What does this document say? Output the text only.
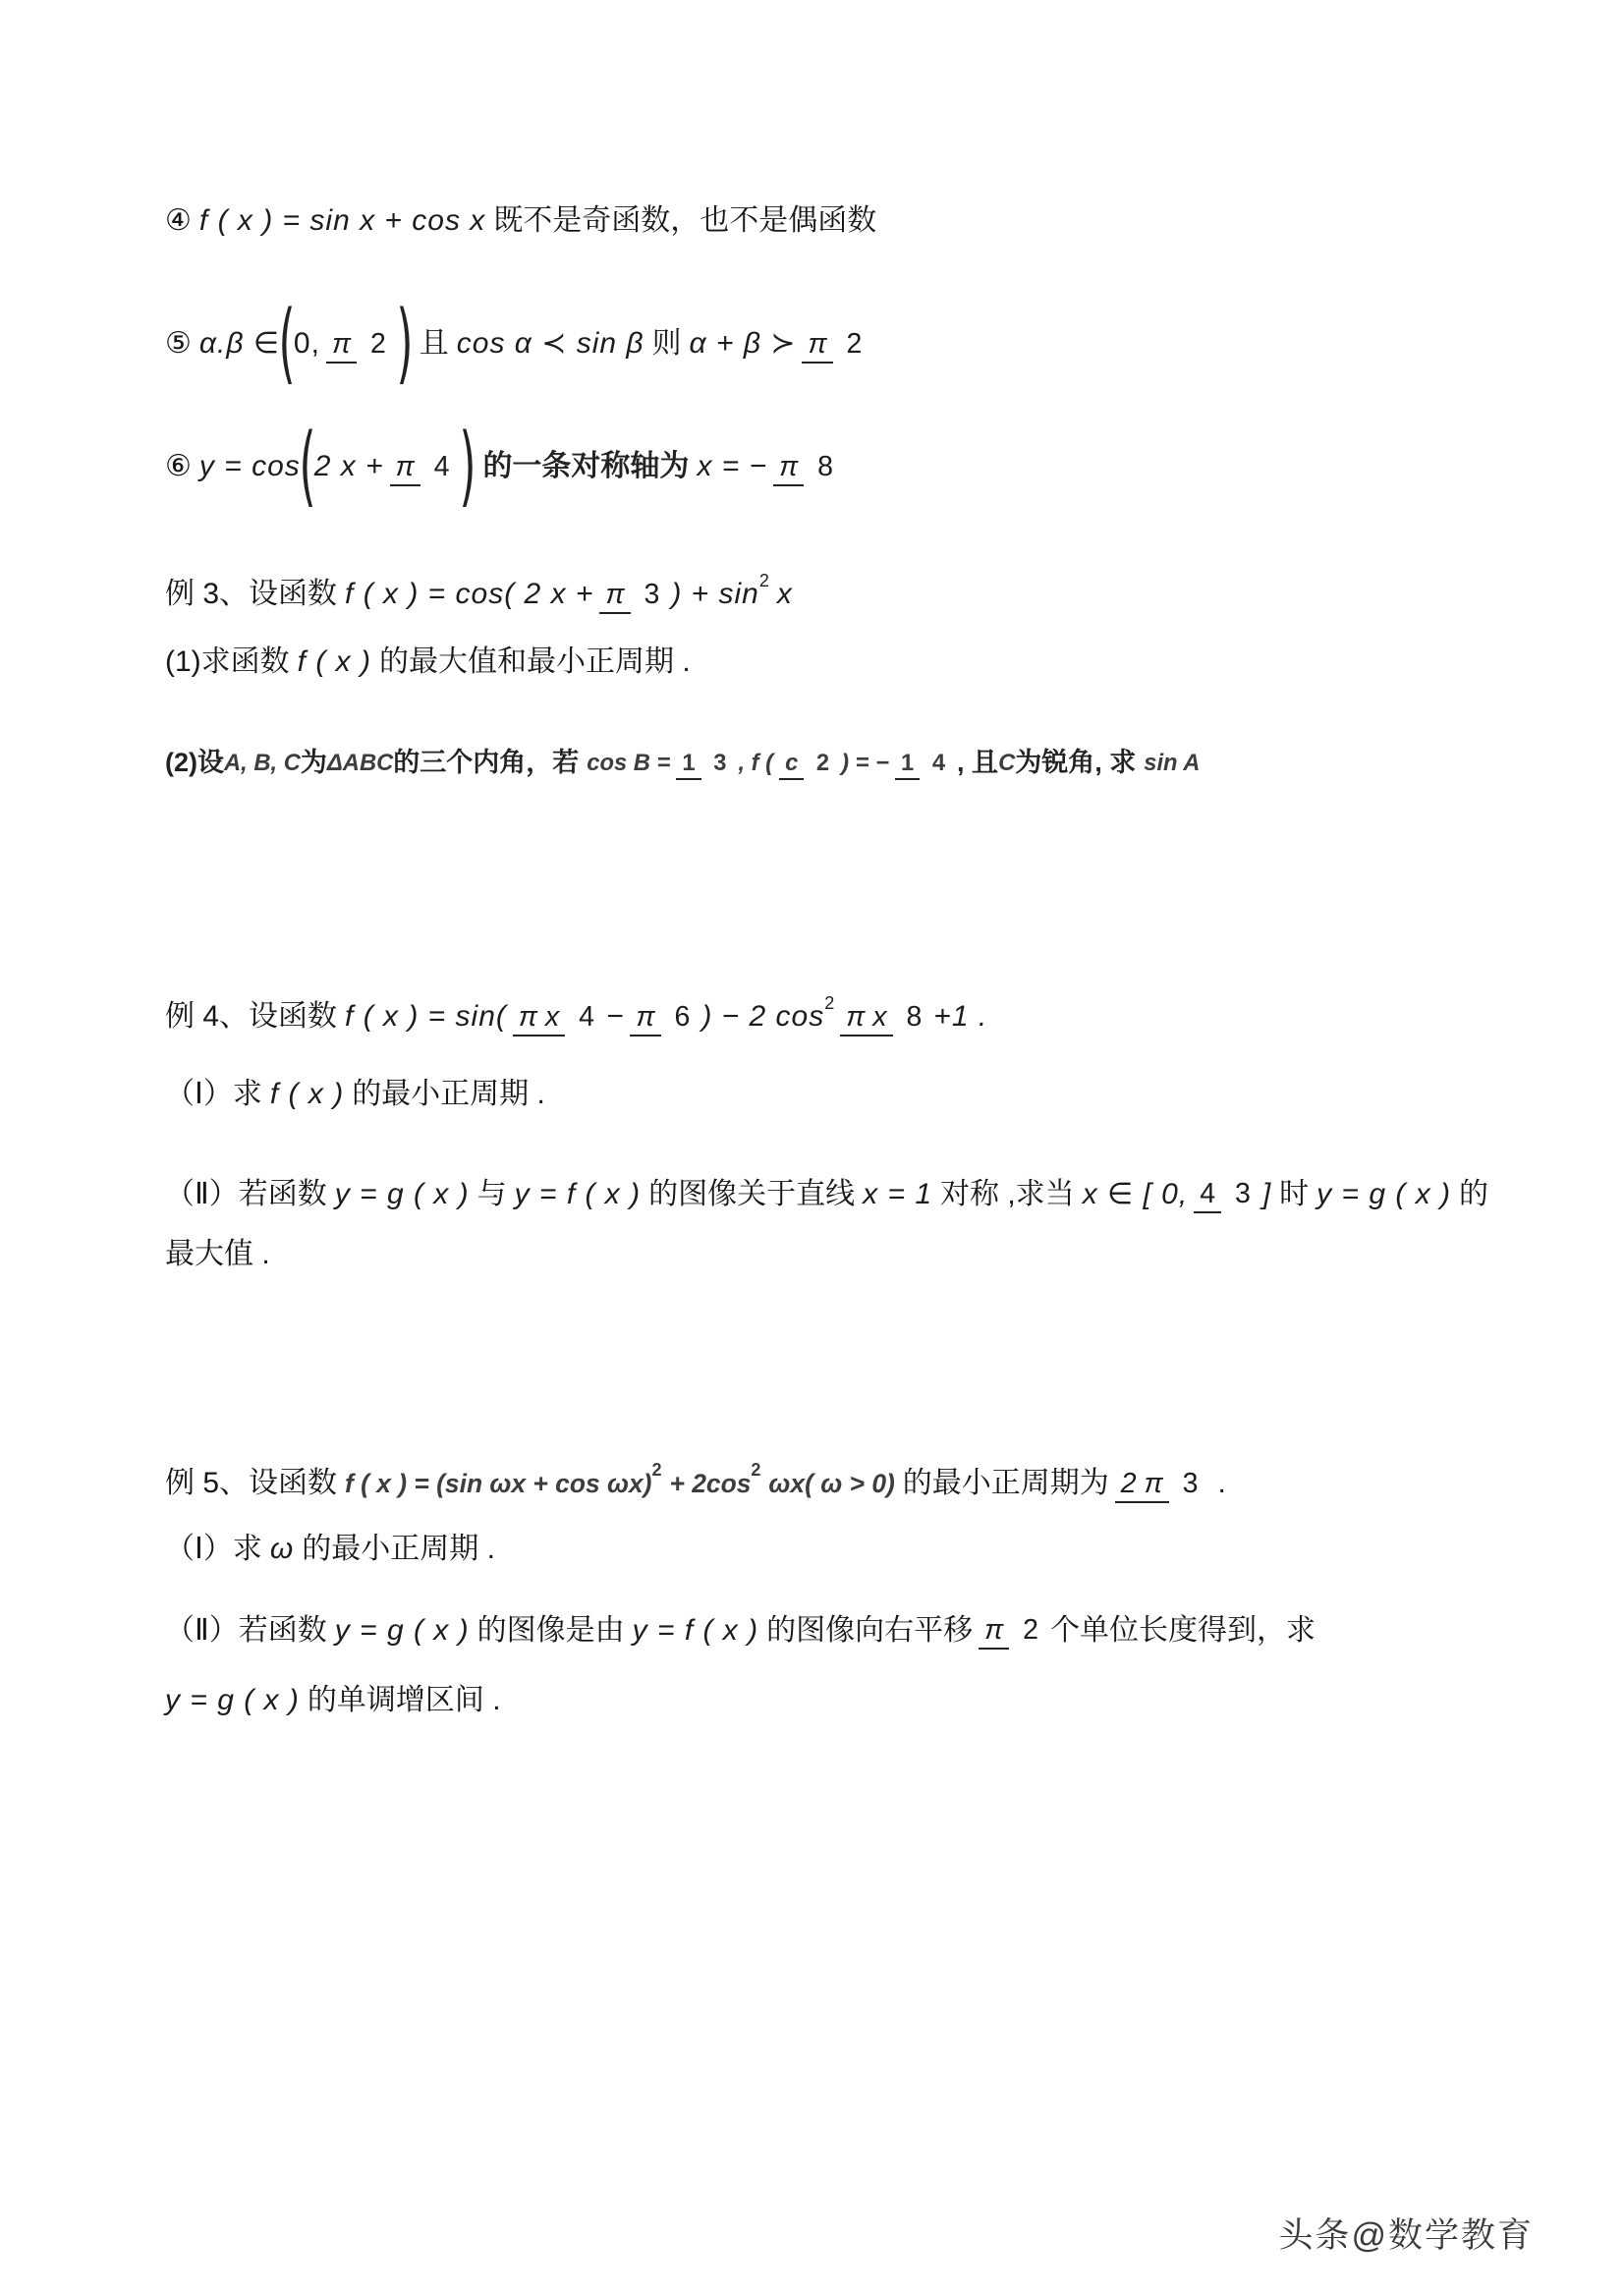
④ f ( x ) = sin x + cos x 既不是奇函数，也不是偶函数
⑤ α.β ∈
(
0, π 2 ) 且 cos α ≺ sin β 则 α + β ≻ π 2
⑥ y = cos
(
2 x + π 4 ) 的一条对称轴为 x = − π 8
例 3、 设函数 f ( x ) = cos( 2 x + π 3 ) + $\sin^2 x$
(1)求函数 f ( x ) 的最大值和最小正周期 .
(2)设 A, B, C 为 ΔABC 的三个内角，若 cos B = 1 3 , f ( c 2 ) = − 1 4 , 且 C 为锐角, 求 sin A
例 4、 设函数 f ( x ) = sin( π x 4 − π 6 ) − 2 $\cos^2 \pi$ x 8 +1 .
（Ⅰ）求 f ( x ) 的最小正周期 .
（Ⅱ）若函数 y = g ( x ) 与 y = f ( x ) 的图像关于直线 x = 1 对称 ,求当 x ∈ [ 0, 4 3 ] 时 y = g ( x ) 的
最大值 .
例 5、 设函数 f ( x ) = (sin $\omega x + \cos \omega x)^2 + 2\cos^2$ ωx( ω > 0) 的最小正周期为 2 π 3 .
（Ⅰ）求 ω 的最小正周期 .
（Ⅱ）若函数 y = g ( x ) 的图像是由 y = f ( x ) 的图像向右平移 π 2 个单位长度得到，求
y = g ( x ) 的单调增区间 .
头条@数学教育
